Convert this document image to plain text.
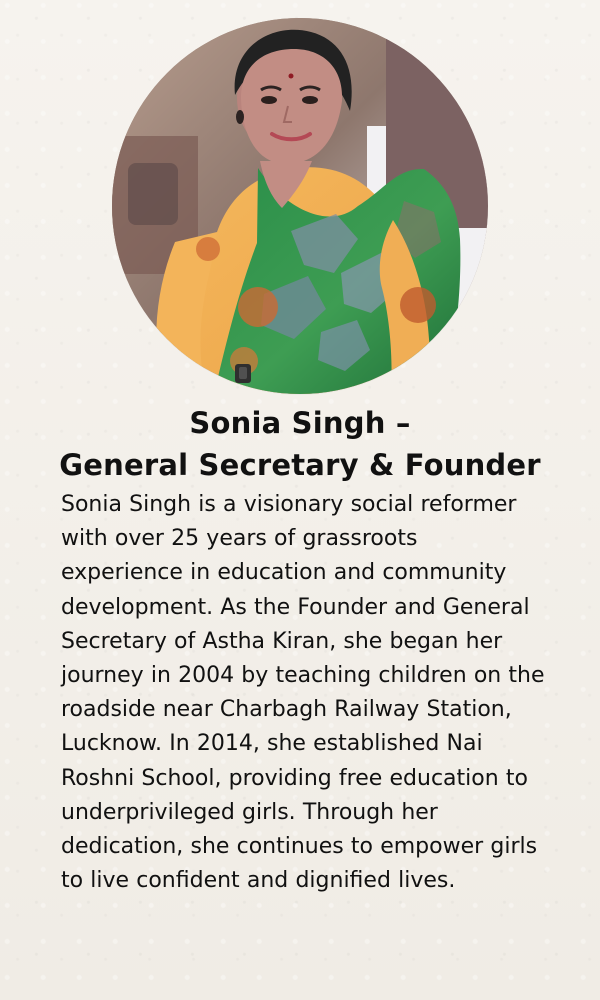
Sonia Singh –
General Secretary & Founder
Sonia Singh is a visionary social reformer with over 25 years of grassroots experience in education and community development. As the Founder and General Secretary of Astha Kiran, she began her journey in 2004 by teaching children on the roadside near Charbagh Railway Station, Lucknow. In 2014, she established Nai Roshni School, providing free education to underprivileged girls. Through her dedication, she continues to empower girls to live confident and dignified lives.
